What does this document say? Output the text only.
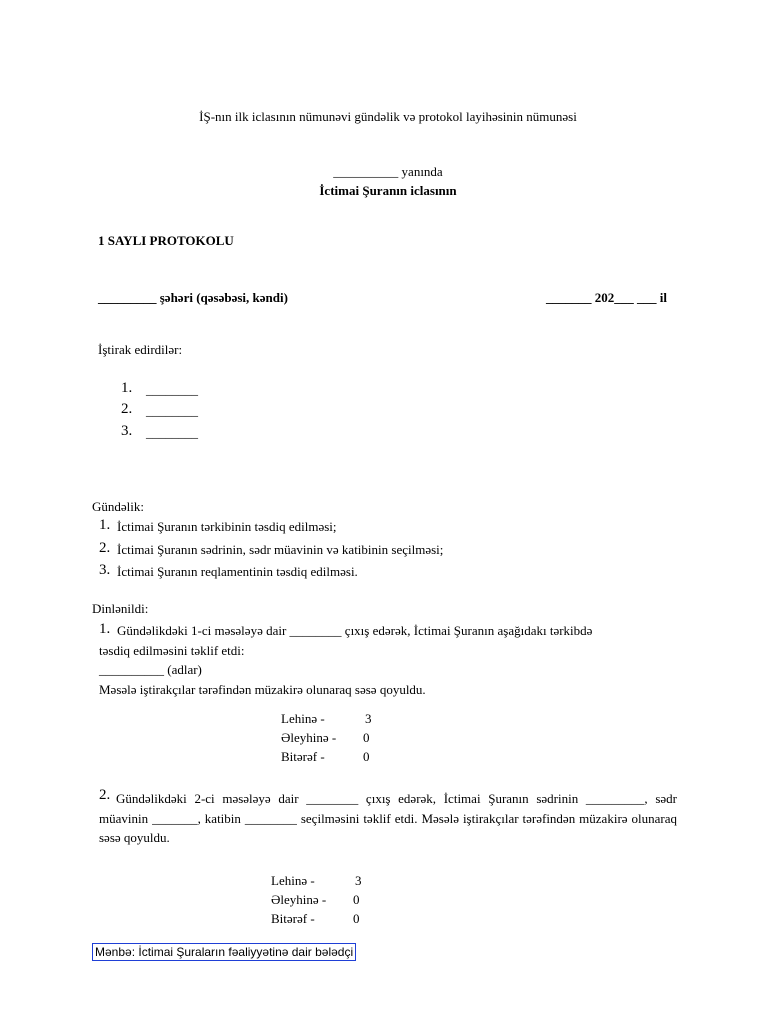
İŞ-nın ilk iclasının nümunəvi gündəlik və protokol layihəsinin nümunəsi
__________ yanında
İctimai Şuranın iclasının
1 SAYLI PROTOKOLU
_________ şəhəri (qəsəbəsi, kəndi)	_______ 202___ ___ il
İştirak edirdilər:
1. ________
2. ________
3. ________
Gündəlik:
1. İctimai Şuranın tərkibinin təsdiq edilməsi;
2. İctimai Şuranın sədrinin, sədr müavinin və katibinin seçilməsi;
3. İctimai Şuranın reqlamentinin təsdiq edilməsi.
Dinlənildi:
1. Gündəlikdəki 1-ci məsələyə dair ________ çıxış edərək, İctimai Şuranın aşağıdakı tərkibdə
təsdiq edilməsini təklif etdi:
__________ (adlar)
Məsələ iştirakçılar tərəfindən müzakirə olunaraq səsə qoyuldu.
Lehinə -	3
Əleyhinə - 0
Bitərəf -	0
2. Gündəlikdəki 2-ci məsələyə dair ________ çıxış edərək, İctimai Şuranın sədrinin _________, sədr müavinin _______, katibin ________ seçilməsini təklif etdi. Məsələ iştirakçılar tərəfindən müzakirə olunaraq səsə qoyuldu.
Lehinə -	3
Əleyhinə - 0
Bitərəf -	0
Mənbə: İctimai Şuraların fəaliyyətinə dair bələdçi
